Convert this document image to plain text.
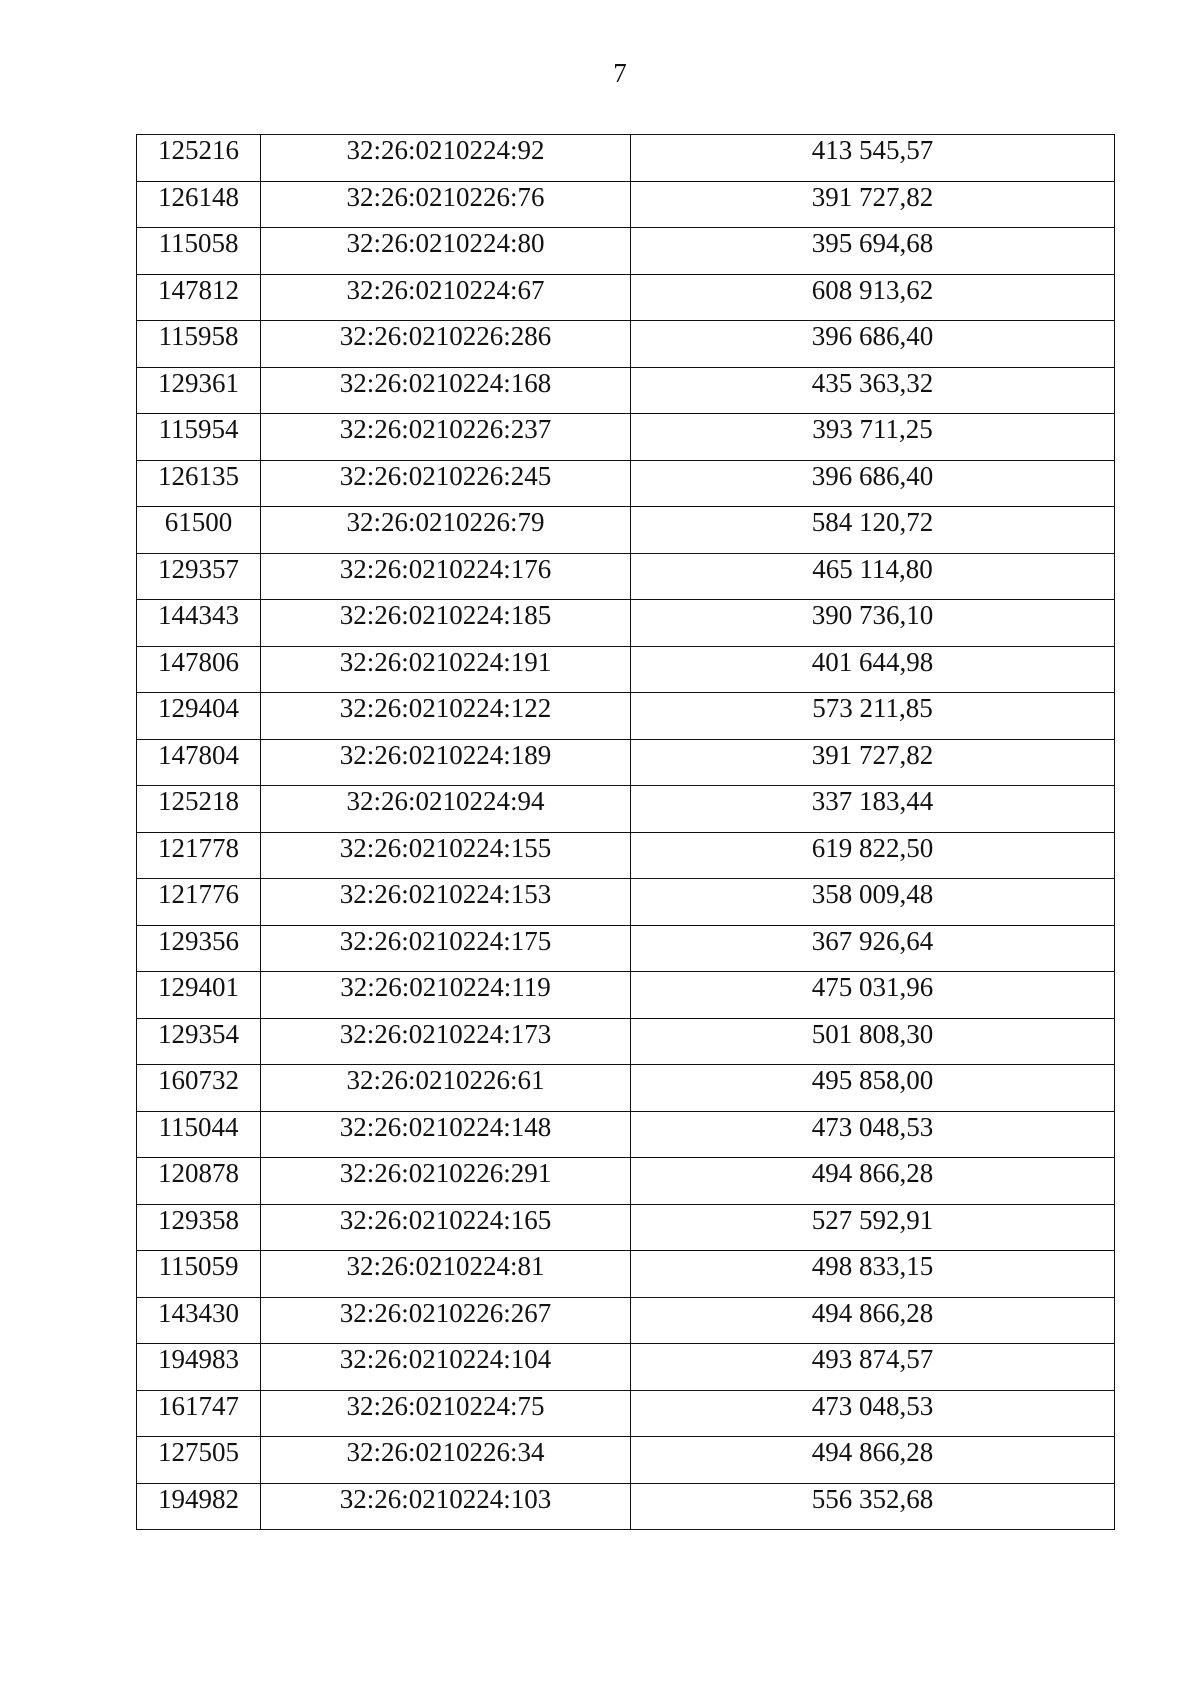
7
125216	32:26:0210224:92	413 545,57
126148	32:26:0210226:76	391 727,82
115058	32:26:0210224:80	395 694,68
147812	32:26:0210224:67	608 913,62
115958	32:26:0210226:286	396 686,40
129361	32:26:0210224:168	435 363,32
115954	32:26:0210226:237	393 711,25
126135	32:26:0210226:245	396 686,40
61500	32:26:0210226:79	584 120,72
129357	32:26:0210224:176	465 114,80
144343	32:26:0210224:185	390 736,10
147806	32:26:0210224:191	401 644,98
129404	32:26:0210224:122	573 211,85
147804	32:26:0210224:189	391 727,82
125218	32:26:0210224:94	337 183,44
121778	32:26:0210224:155	619 822,50
121776	32:26:0210224:153	358 009,48
129356	32:26:0210224:175	367 926,64
129401	32:26:0210224:119	475 031,96
129354	32:26:0210224:173	501 808,30
160732	32:26:0210226:61	495 858,00
115044	32:26:0210224:148	473 048,53
120878	32:26:0210226:291	494 866,28
129358	32:26:0210224:165	527 592,91
115059	32:26:0210224:81	498 833,15
143430	32:26:0210226:267	494 866,28
194983	32:26:0210224:104	493 874,57
161747	32:26:0210224:75	473 048,53
127505	32:26:0210226:34	494 866,28
194982	32:26:0210224:103	556 352,68
